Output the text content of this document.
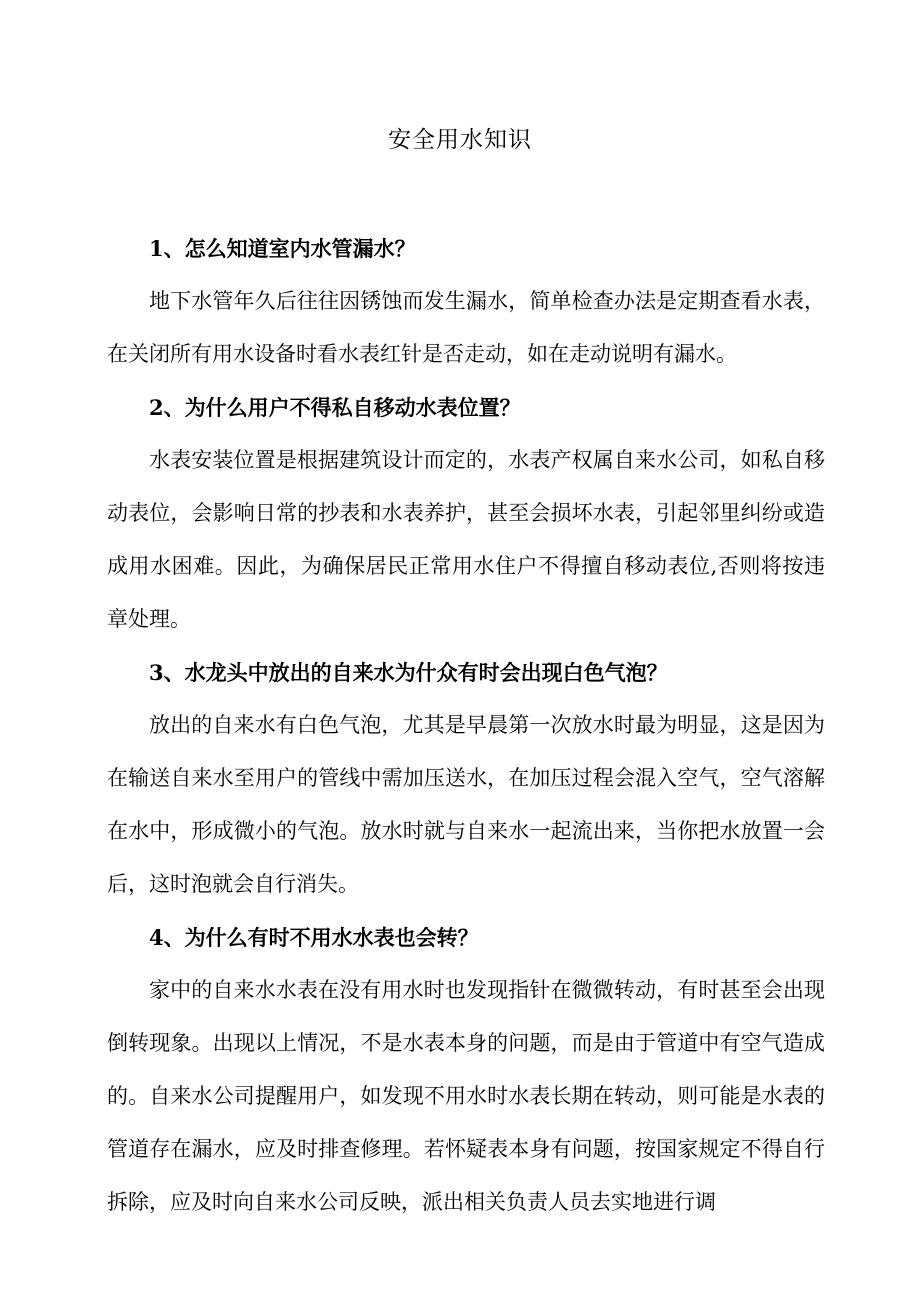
安全用水知识

1、怎么知道室内水管漏水？

地下水管年久后往往因锈蚀而发生漏水，简单检查办法是定期查看水表，在关闭所有用水设备时看水表红针是否走动，如在走动说明有漏水。

2、为什么用户不得私自移动水表位置？

水表安装位置是根据建筑设计而定的，水表产权属自来水公司，如私自移动表位，会影响日常的抄表和水表养护，甚至会损坏水表，引起邻里纠纷或造成用水困难。因此，为确保居民正常用水住户不得擅自移动表位,否则将按违章处理。

3、水龙头中放出的自来水为什众有时会出现白色气泡？

放出的自来水有白色气泡，尤其是早晨第一次放水时最为明显，这是因为在输送自来水至用户的管线中需加压送水，在加压过程会混入空气，空气溶解在水中，形成微小的气泡。放水时就与自来水一起流出来，当你把水放置一会后，这时泡就会自行消失。

4、为什么有时不用水水表也会转？

家中的自来水水表在没有用水时也发现指针在微微转动，有时甚至会出现倒转现象。出现以上情况，不是水表本身的问题，而是由于管道中有空气造成的。自来水公司提醒用户，如发现不用水时水表长期在转动，则可能是水表的管道存在漏水，应及时排查修理。若怀疑表本身有问题，按国家规定不得自行拆除，应及时向自来水公司反映，派出相关负责人员去实地进行调
